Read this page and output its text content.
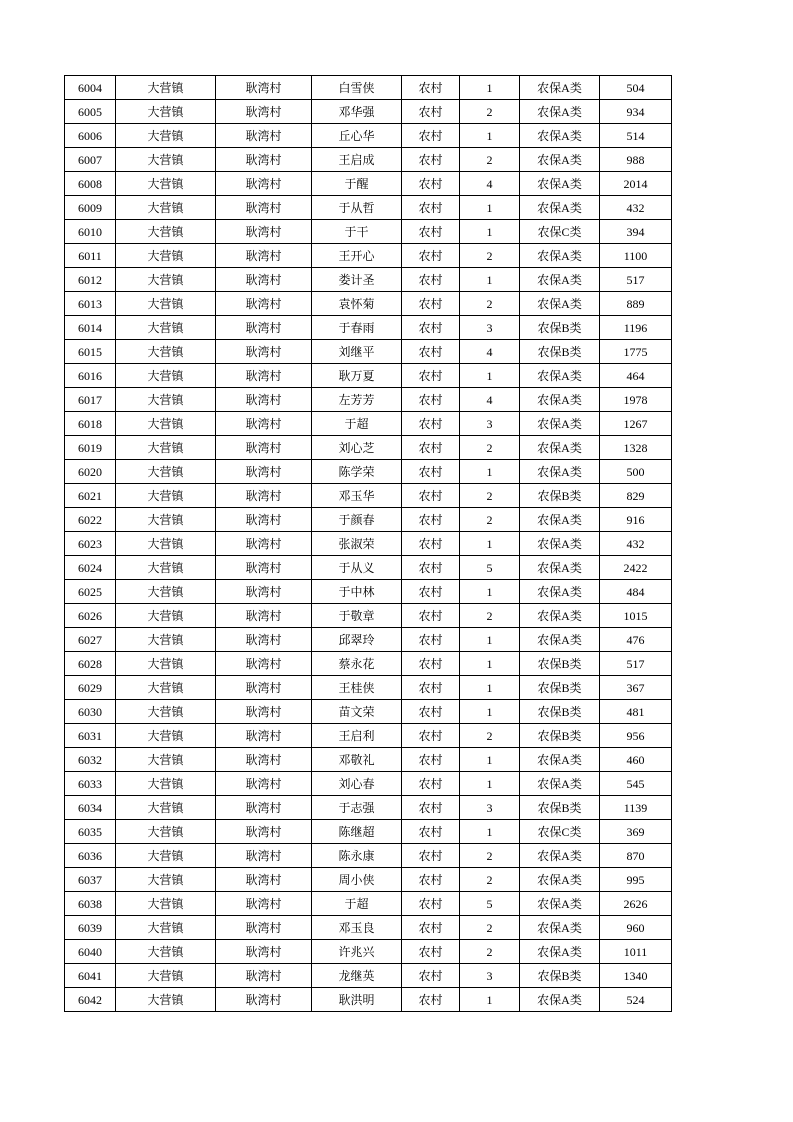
6004	大营镇	耿湾村	白雪侠	农村	1	农保A类	504
6005	大营镇	耿湾村	邓华强	农村	2	农保A类	934
6006	大营镇	耿湾村	丘心华	农村	1	农保A类	514
6007	大营镇	耿湾村	王启成	农村	2	农保A类	988
6008	大营镇	耿湾村	于醒	农村	4	农保A类	2014
6009	大营镇	耿湾村	于从哲	农村	1	农保A类	432
6010	大营镇	耿湾村	于干	农村	1	农保C类	394
6011	大营镇	耿湾村	王开心	农村	2	农保A类	1100
6012	大营镇	耿湾村	娄计圣	农村	1	农保A类	517
6013	大营镇	耿湾村	袁怀菊	农村	2	农保A类	889
6014	大营镇	耿湾村	于春雨	农村	3	农保B类	1196
6015	大营镇	耿湾村	刘继平	农村	4	农保B类	1775
6016	大营镇	耿湾村	耿万夏	农村	1	农保A类	464
6017	大营镇	耿湾村	左芳芳	农村	4	农保A类	1978
6018	大营镇	耿湾村	于超	农村	3	农保A类	1267
6019	大营镇	耿湾村	刘心芝	农村	2	农保A类	1328
6020	大营镇	耿湾村	陈学荣	农村	1	农保A类	500
6021	大营镇	耿湾村	邓玉华	农村	2	农保B类	829
6022	大营镇	耿湾村	于颜春	农村	2	农保A类	916
6023	大营镇	耿湾村	张淑荣	农村	1	农保A类	432
6024	大营镇	耿湾村	于从义	农村	5	农保A类	2422
6025	大营镇	耿湾村	于中林	农村	1	农保A类	484
6026	大营镇	耿湾村	于敬章	农村	2	农保A类	1015
6027	大营镇	耿湾村	邱翠玲	农村	1	农保A类	476
6028	大营镇	耿湾村	蔡永花	农村	1	农保B类	517
6029	大营镇	耿湾村	王桂侠	农村	1	农保B类	367
6030	大营镇	耿湾村	苗文荣	农村	1	农保B类	481
6031	大营镇	耿湾村	王启利	农村	2	农保B类	956
6032	大营镇	耿湾村	邓敬礼	农村	1	农保A类	460
6033	大营镇	耿湾村	刘心春	农村	1	农保A类	545
6034	大营镇	耿湾村	于志强	农村	3	农保B类	1139
6035	大营镇	耿湾村	陈继超	农村	1	农保C类	369
6036	大营镇	耿湾村	陈永康	农村	2	农保A类	870
6037	大营镇	耿湾村	周小侠	农村	2	农保A类	995
6038	大营镇	耿湾村	于超	农村	5	农保A类	2626
6039	大营镇	耿湾村	邓玉良	农村	2	农保A类	960
6040	大营镇	耿湾村	许兆兴	农村	2	农保A类	1011
6041	大营镇	耿湾村	龙继英	农村	3	农保B类	1340
6042	大营镇	耿湾村	耿洪明	农村	1	农保A类	524
